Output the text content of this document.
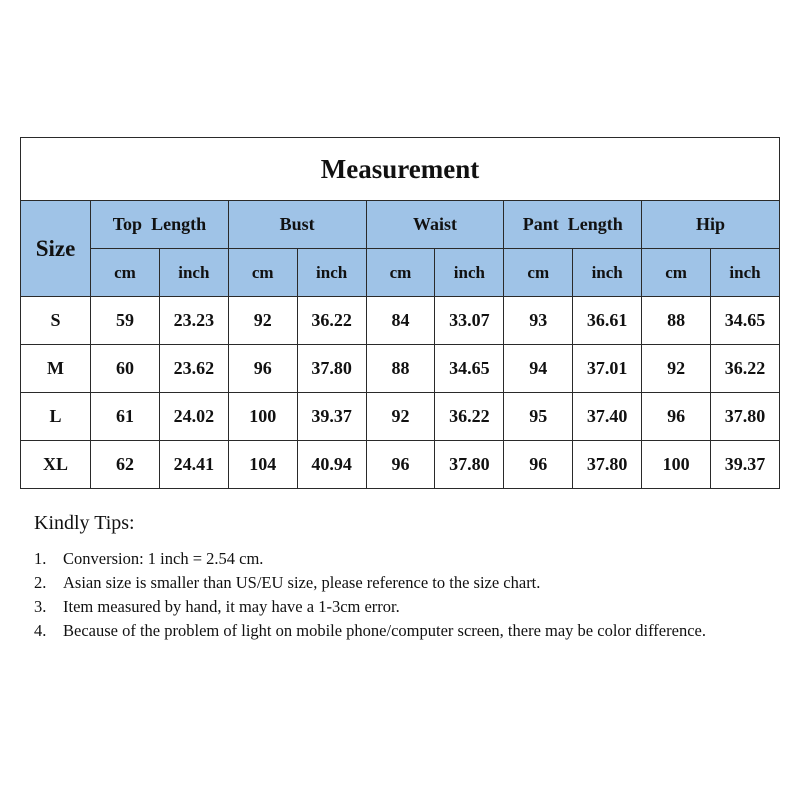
Measurement										
Size	Top  Length		Bust		Waist		Pant  Length		Hip	
	cm	inch	cm	inch	cm	inch	cm	inch	cm	inch
S	59	23.23	92	36.22	84	33.07	93	36.61	88	34.65
M	60	23.62	96	37.80	88	34.65	94	37.01	92	36.22
L	61	24.02	100	39.37	92	36.22	95	37.40	96	37.80
XL	62	24.41	104	40.94	96	37.80	96	37.80	100	39.37
Kindly Tips:
1.	Conversion: 1 inch = 2.54 cm.
2.	Asian size is smaller than US/EU size, please reference to the size chart.
3.	Item measured by hand, it may have a 1-3cm error.
4.	Because of the problem of light on mobile phone/computer screen, there may be color difference.
